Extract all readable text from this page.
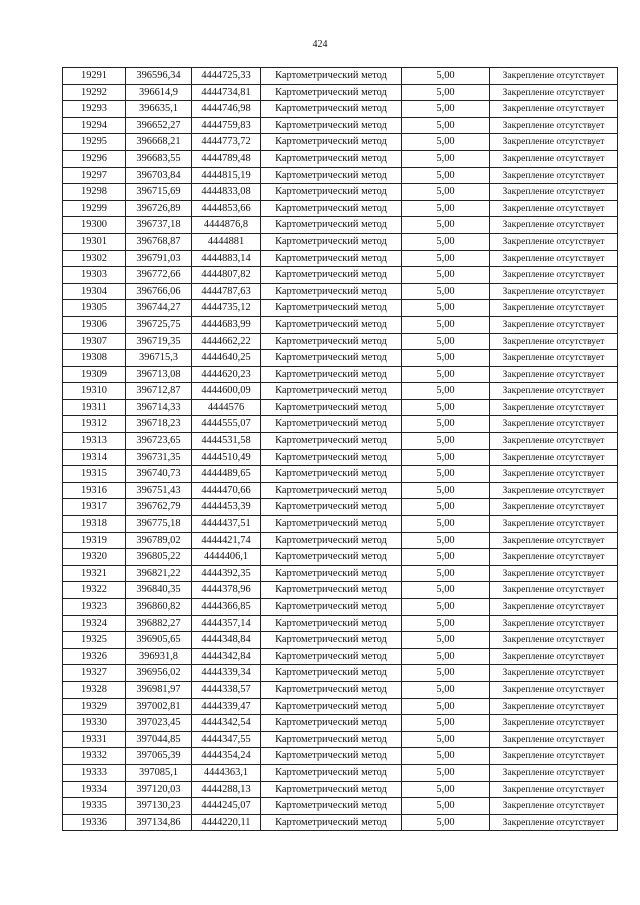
424
19291	396596,34	4444725,33	Картометрический метод	5,00	Закрепление отсутствует
19292	396614,9	4444734,81	Картометрический метод	5,00	Закрепление отсутствует
19293	396635,1	4444746,98	Картометрический метод	5,00	Закрепление отсутствует
19294	396652,27	4444759,83	Картометрический метод	5,00	Закрепление отсутствует
19295	396668,21	4444773,72	Картометрический метод	5,00	Закрепление отсутствует
19296	396683,55	4444789,48	Картометрический метод	5,00	Закрепление отсутствует
19297	396703,84	4444815,19	Картометрический метод	5,00	Закрепление отсутствует
19298	396715,69	4444833,08	Картометрический метод	5,00	Закрепление отсутствует
19299	396726,89	4444853,66	Картометрический метод	5,00	Закрепление отсутствует
19300	396737,18	4444876,8	Картометрический метод	5,00	Закрепление отсутствует
19301	396768,87	4444881	Картометрический метод	5,00	Закрепление отсутствует
19302	396791,03	4444883,14	Картометрический метод	5,00	Закрепление отсутствует
19303	396772,66	4444807,82	Картометрический метод	5,00	Закрепление отсутствует
19304	396766,06	4444787,63	Картометрический метод	5,00	Закрепление отсутствует
19305	396744,27	4444735,12	Картометрический метод	5,00	Закрепление отсутствует
19306	396725,75	4444683,99	Картометрический метод	5,00	Закрепление отсутствует
19307	396719,35	4444662,22	Картометрический метод	5,00	Закрепление отсутствует
19308	396715,3	4444640,25	Картометрический метод	5,00	Закрепление отсутствует
19309	396713,08	4444620,23	Картометрический метод	5,00	Закрепление отсутствует
19310	396712,87	4444600,09	Картометрический метод	5,00	Закрепление отсутствует
19311	396714,33	4444576	Картометрический метод	5,00	Закрепление отсутствует
19312	396718,23	4444555,07	Картометрический метод	5,00	Закрепление отсутствует
19313	396723,65	4444531,58	Картометрический метод	5,00	Закрепление отсутствует
19314	396731,35	4444510,49	Картометрический метод	5,00	Закрепление отсутствует
19315	396740,73	4444489,65	Картометрический метод	5,00	Закрепление отсутствует
19316	396751,43	4444470,66	Картометрический метод	5,00	Закрепление отсутствует
19317	396762,79	4444453,39	Картометрический метод	5,00	Закрепление отсутствует
19318	396775,18	4444437,51	Картометрический метод	5,00	Закрепление отсутствует
19319	396789,02	4444421,74	Картометрический метод	5,00	Закрепление отсутствует
19320	396805,22	4444406,1	Картометрический метод	5,00	Закрепление отсутствует
19321	396821,22	4444392,35	Картометрический метод	5,00	Закрепление отсутствует
19322	396840,35	4444378,96	Картометрический метод	5,00	Закрепление отсутствует
19323	396860,82	4444366,85	Картометрический метод	5,00	Закрепление отсутствует
19324	396882,27	4444357,14	Картометрический метод	5,00	Закрепление отсутствует
19325	396905,65	4444348,84	Картометрический метод	5,00	Закрепление отсутствует
19326	396931,8	4444342,84	Картометрический метод	5,00	Закрепление отсутствует
19327	396956,02	4444339,34	Картометрический метод	5,00	Закрепление отсутствует
19328	396981,97	4444338,57	Картометрический метод	5,00	Закрепление отсутствует
19329	397002,81	4444339,47	Картометрический метод	5,00	Закрепление отсутствует
19330	397023,45	4444342,54	Картометрический метод	5,00	Закрепление отсутствует
19331	397044,85	4444347,55	Картометрический метод	5,00	Закрепление отсутствует
19332	397065,39	4444354,24	Картометрический метод	5,00	Закрепление отсутствует
19333	397085,1	4444363,1	Картометрический метод	5,00	Закрепление отсутствует
19334	397120,03	4444288,13	Картометрический метод	5,00	Закрепление отсутствует
19335	397130,23	4444245,07	Картометрический метод	5,00	Закрепление отсутствует
19336	397134,86	4444220,11	Картометрический метод	5,00	Закрепление отсутствует
